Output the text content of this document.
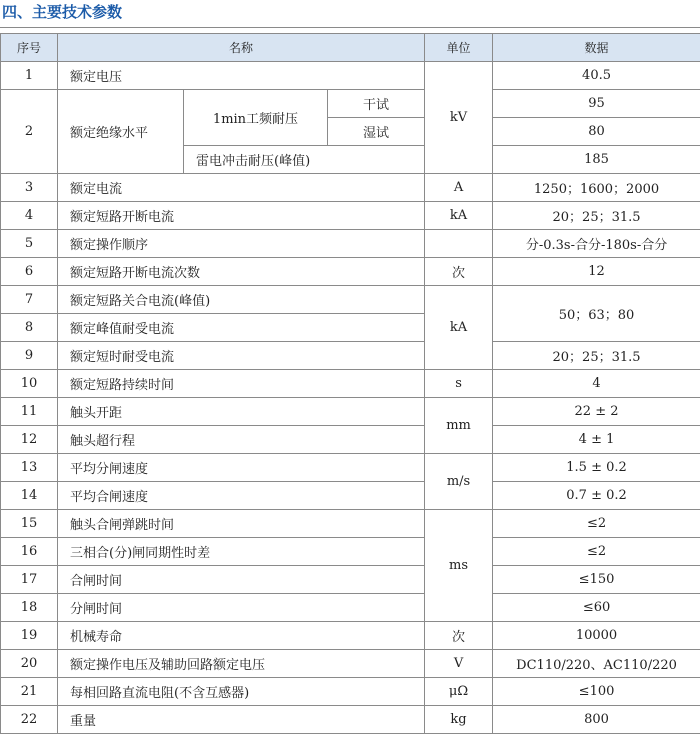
四、主要技术参数
序号	名称			单位	数据
1	额定电压			kV	40.5
2	额定绝缘水平	1min工频耐压	干试		95
			湿试		80
		雷电冲击耐压(峰值)			185
3	额定电流			A	1250；1600；2000
4	额定短路开断电流			kA	20；25；31.5
5	额定操作顺序				分-0.3s-合分-180s-合分
6	额定短路开断电流次数			次	12
7	额定短路关合电流(峰值)			kA	50；63；80
8	额定峰值耐受电流				
9	额定短时耐受电流				20；25；31.5
10	额定短路持续时间			s	4
11	触头开距			mm	22 ± 2
12	触头超行程				4 ± 1
13	平均分闸速度			m/s	1.5 ± 0.2
14	平均合闸速度				0.7 ± 0.2
15	触头合闸弹跳时间			ms	≤2
16	三相合(分)闸同期性时差				≤2
17	合闸时间				≤150
18	分闸时间				≤60
19	机械寿命			次	10000
20	额定操作电压及辅助回路额定电压			V	DC110/220、AC110/220
21	每相回路直流电阻(不含互感器)			μΩ	≤100
22	重量			kg	800
